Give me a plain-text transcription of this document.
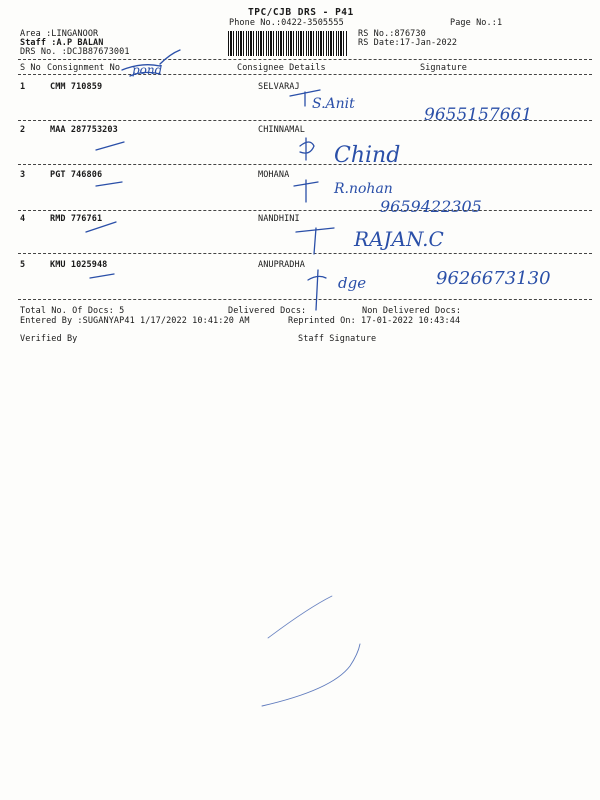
TPC/CJB DRS - P41
Phone No.:0422-3505555	Page No.:1
Area :LINGANOOR
Staff :A.P BALAN
DRS No. :DCJB87673001
RS No.:876730
RS Date:17-Jan-2022
S No Consignment No	Consignee Details	Signature
1	CMM 710859	SELVARAJ
2	MAA 287753203	CHINNAMAL
3	PGT 746806	MOHANA
4	RMD 776761	NANDHINI
5	KMU 1025948	ANUPRADHA
Total No. Of Docs: 5	Delivered Docs:	Non Delivered Docs:
Entered By :SUGANYAP41 1/17/2022 10:41:20 AM	Reprinted On: 17-01-2022 10:43:44
Verified By	Staff Signature
pond
S.Anit
9655157661
Chind
R.nohan
9659422305
RAJAN.C
dge	9626673130
